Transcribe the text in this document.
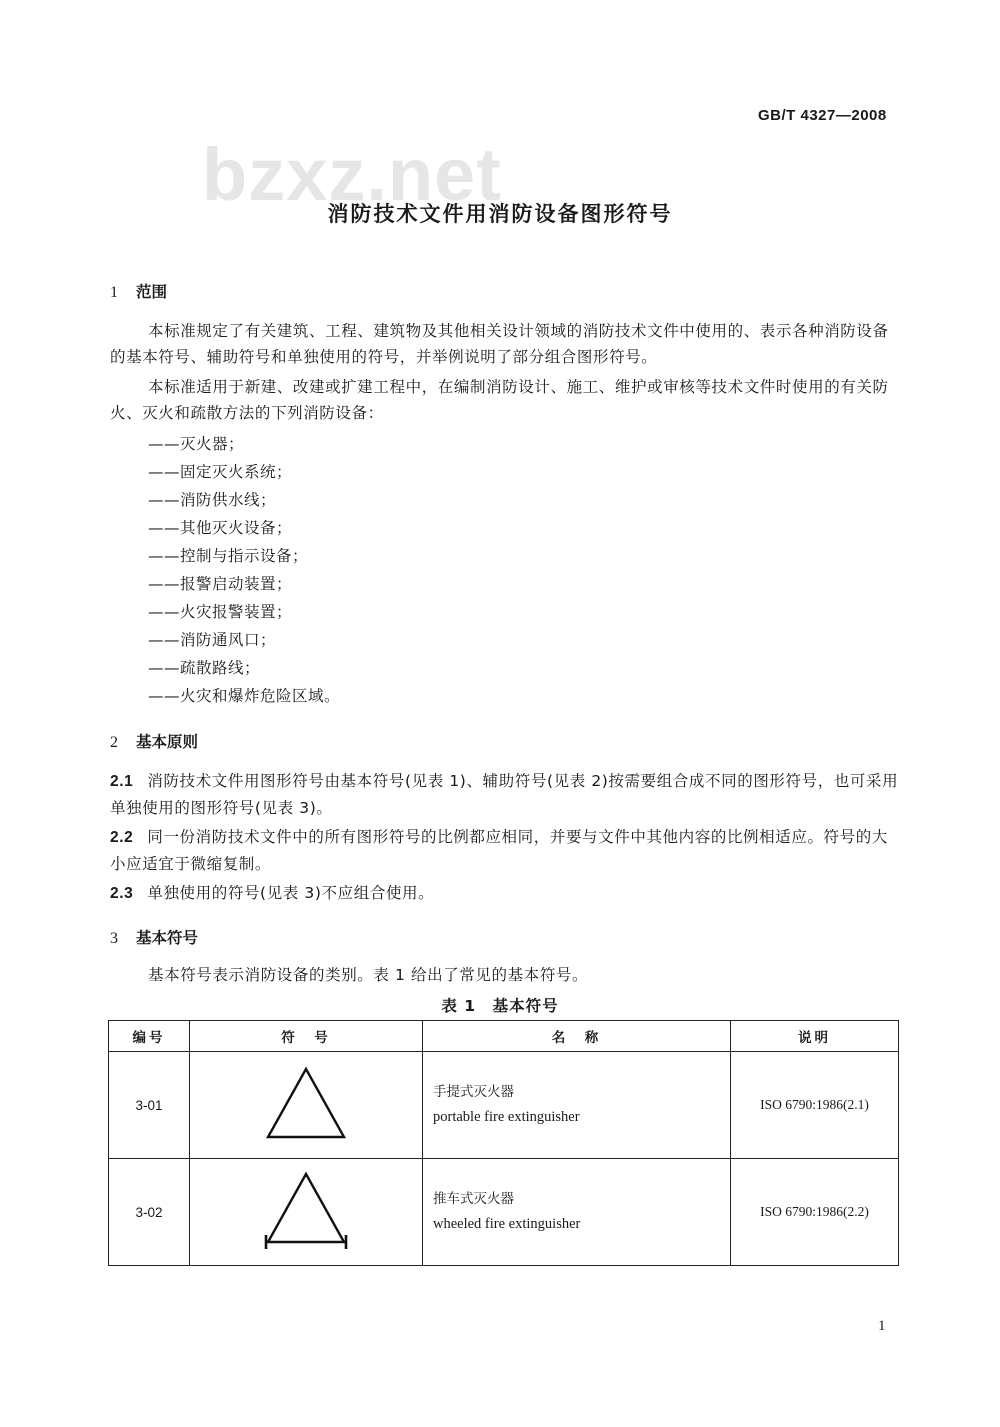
GB/T 4327—2008
bzxz.net
消防技术文件用消防设备图形符号
1 范围
本标准规定了有关建筑、工程、建筑物及其他相关设计领域的消防技术文件中使用的、表示各种消防设备的基本符号、辅助符号和单独使用的符号，并举例说明了部分组合图形符号。
本标准适用于新建、改建或扩建工程中，在编制消防设计、施工、维护或审核等技术文件时使用的有关防火、灭火和疏散方法的下列消防设备：
——灭火器；
——固定灭火系统；
——消防供水线；
——其他灭火设备；
——控制与指示设备；
——报警启动装置；
——火灾报警装置；
——消防通风口；
——疏散路线；
——火灾和爆炸危险区域。
2 基本原则
2.1 消防技术文件用图形符号由基本符号(见表 1)、辅助符号(见表 2)按需要组合成不同的图形符号，也可采用单独使用的图形符号(见表 3)。
2.2 同一份消防技术文件中的所有图形符号的比例都应相同，并要与文件中其他内容的比例相适应。符号的大小应适宜于微缩复制。
2.3 单独使用的符号(见表 3)不应组合使用。
3 基本符号
基本符号表示消防设备的类别。表 1 给出了常见的基本符号。
表 1　基本符号
编号	符　号	名　称	说明
3-01		手提式灭火器
portable fire extinguisher	ISO 6790:1986(2.1)
3-02		推车式灭火器
wheeled fire extinguisher	ISO 6790:1986(2.2)
1
